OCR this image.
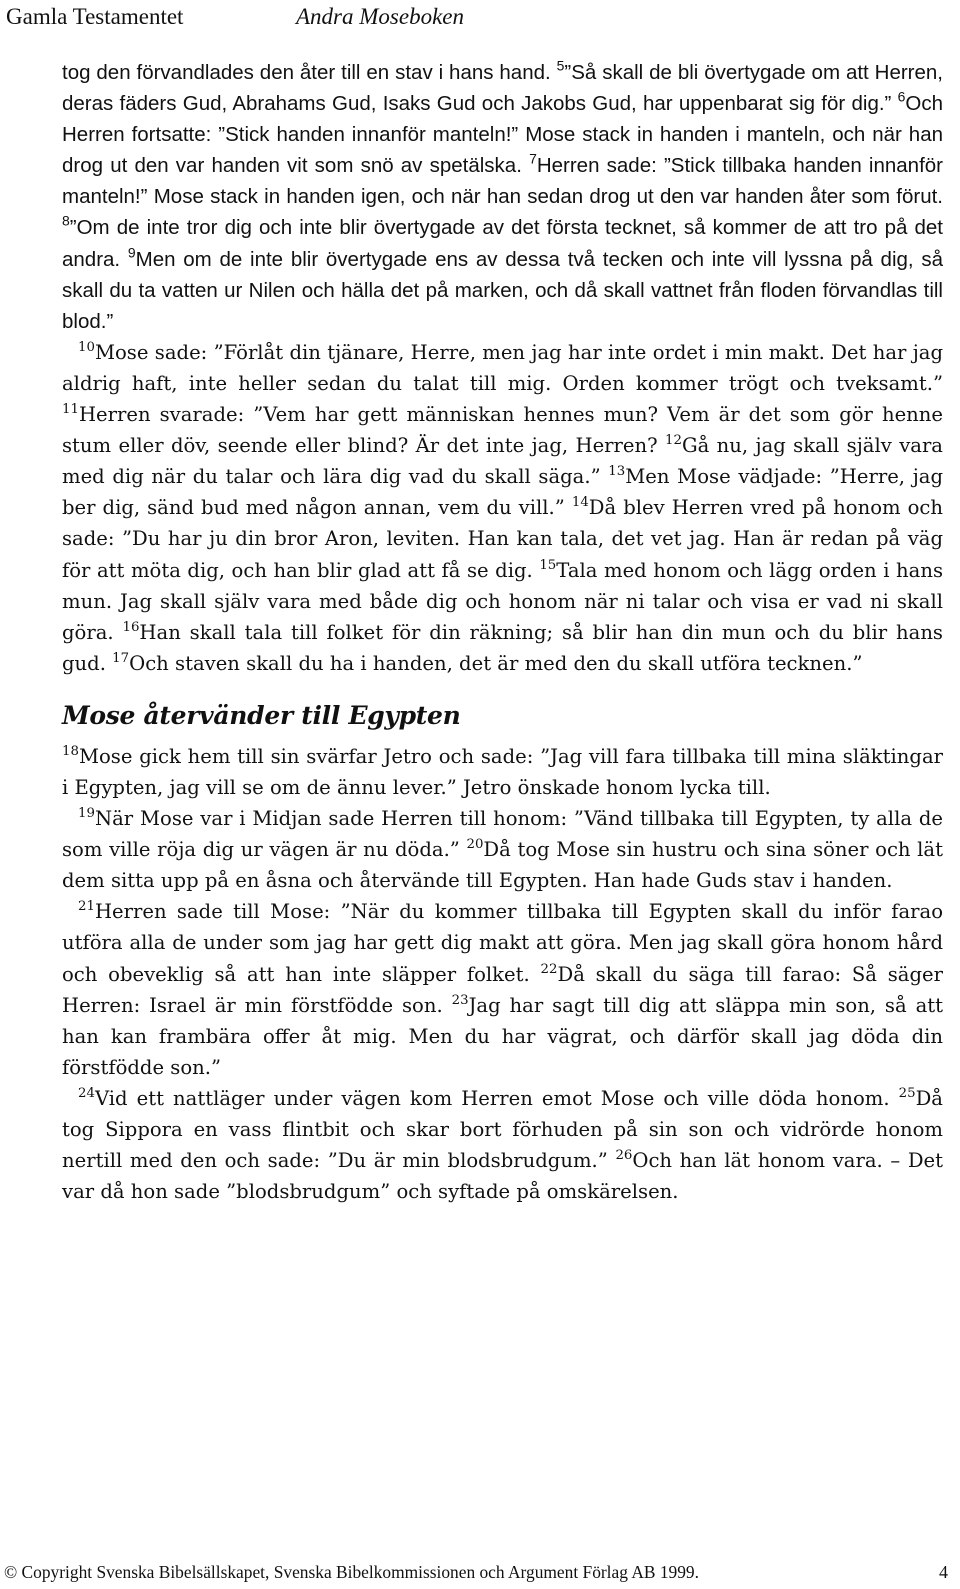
Gamla Testamentet	Andra Moseboken

tog den förvandlades den åter till en stav i hans hand. $^5$”Så skall de bli övertygade om att Herren, deras fäders Gud, Abrahams Gud, Isaks Gud och Jakobs Gud, har uppenbarat sig för dig.” $^6$Och Herren fortsatte: ”Stick handen innanför manteln!” Mose stack in handen i manteln, och när han drog ut den var handen vit som snö av spetälska. $^7$Herren sade: ”Stick tillbaka handen innanför manteln!” Mose stack in handen igen, och när han sedan drog ut den var handen åter som förut. $^8$”Om de inte tror dig och inte blir övertygade av det första tecknet, så kommer de att tro på det andra. $^9$Men om de inte blir övertygade ens av dessa två tecken och inte vill lyssna på dig, så skall du ta vatten ur Nilen och hälla det på marken, och då skall vattnet från floden förvandlas till blod.”

$^{10}$Mose sade: ”Förlåt din tjänare, Herre, men jag har inte ordet i min makt. Det har jag aldrig haft, inte heller sedan du talat till mig. Orden kommer trögt och tveksamt.” $^{11}$Herren svarade: ”Vem har gett människan hennes mun? Vem är det som gör henne stum eller döv, seende eller blind? Är det inte jag, Herren? $^{12}$Gå nu, jag skall själv vara med dig när du talar och lära dig vad du skall säga.” $^{13}$Men Mose vädjade: ”Herre, jag ber dig, sänd bud med någon annan, vem du vill.” $^{14}$Då blev Herren vred på honom och sade: ”Du har ju din bror Aron, leviten. Han kan tala, det vet jag. Han är redan på väg för att möta dig, och han blir glad att få se dig. $^{15}$Tala med honom och lägg orden i hans mun. Jag skall själv vara med både dig och honom när ni talar och visa er vad ni skall göra. $^{16}$Han skall tala till folket för din räkning; så blir han din mun och du blir hans gud. $^{17}$Och staven skall du ha i handen, det är med den du skall utföra tecknen.”

Mose återvänder till Egypten

$^{18}$Mose gick hem till sin svärfar Jetro och sade: ”Jag vill fara tillbaka till mina släktingar i Egypten, jag vill se om de ännu lever.” Jetro önskade honom lycka till.

$^{19}$När Mose var i Midjan sade Herren till honom: ”Vänd tillbaka till Egypten, ty alla de som ville röja dig ur vägen är nu döda.” $^{20}$Då tog Mose sin hustru och sina söner och lät dem sitta upp på en åsna och återvände till Egypten. Han hade Guds stav i handen.

$^{21}$Herren sade till Mose: ”När du kommer tillbaka till Egypten skall du inför farao utföra alla de under som jag har gett dig makt att göra. Men jag skall göra honom hård och obeveklig så att han inte släpper folket. $^{22}$Då skall du säga till farao: Så säger Herren: Israel är min förstfödde son. $^{23}$Jag har sagt till dig att släppa min son, så att han kan frambära offer åt mig. Men du har vägrat, och därför skall jag döda din förstfödde son.”

$^{24}$Vid ett nattläger under vägen kom Herren emot Mose och ville döda honom. $^{25}$Då tog Sippora en vass flintbit och skar bort förhuden på sin son och vidrörde honom nertill med den och sade: ”Du är min blodsbrudgum.” $^{26}$Och han lät honom vara. – Det var då hon sade ”blodsbrudgum” och syftade på omskärelsen.

© Copyright Svenska Bibelsällskapet, Svenska Bibelkommissionen och Argument Förlag AB 1999.	4
